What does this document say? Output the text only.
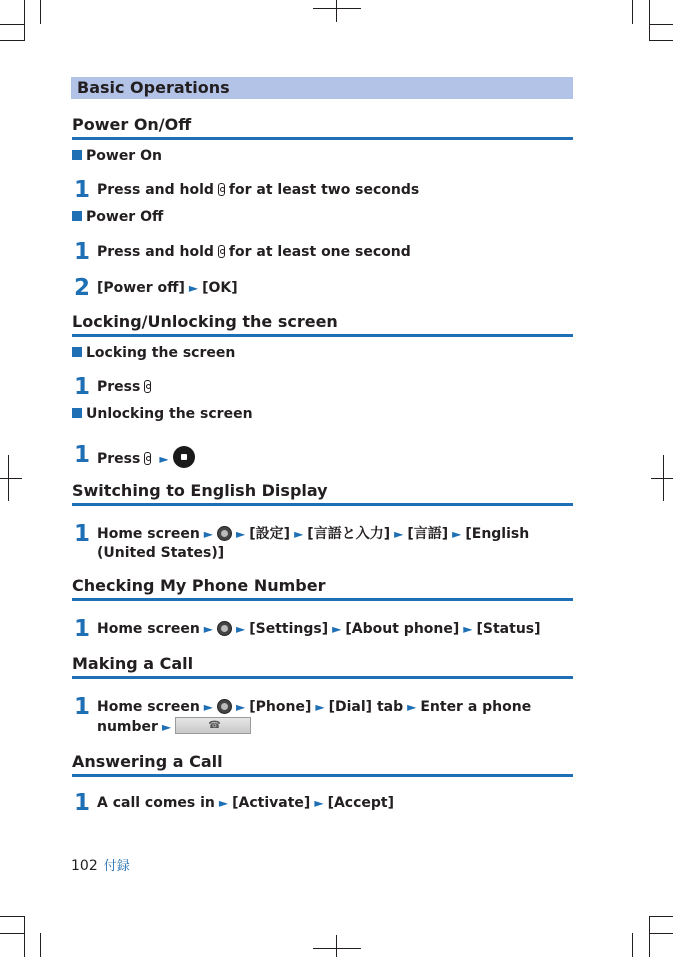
Basic Operations
Power On/Off
Power On
1 Press and hold for at least two seconds
Power Off
1 Press and hold for at least one second
2 [Power off] ► [OK]
Locking/Unlocking the screen
Locking the screen
1 Press
Unlocking the screen
1 Press ►
Switching to English Display
1 Home screen ► ► [設定] ► [言語と入力] ► [言語] ► [English
(United States)]
Checking My Phone Number
1 Home screen ► ► [Settings] ► [About phone] ► [Status]
Making a Call
1 Home screen ► ► [Phone] ► [Dial] tab ► Enter a phone
number ►☎
Answering a Call
1 A call comes in ► [Activate] ► [Accept]
102 付録
